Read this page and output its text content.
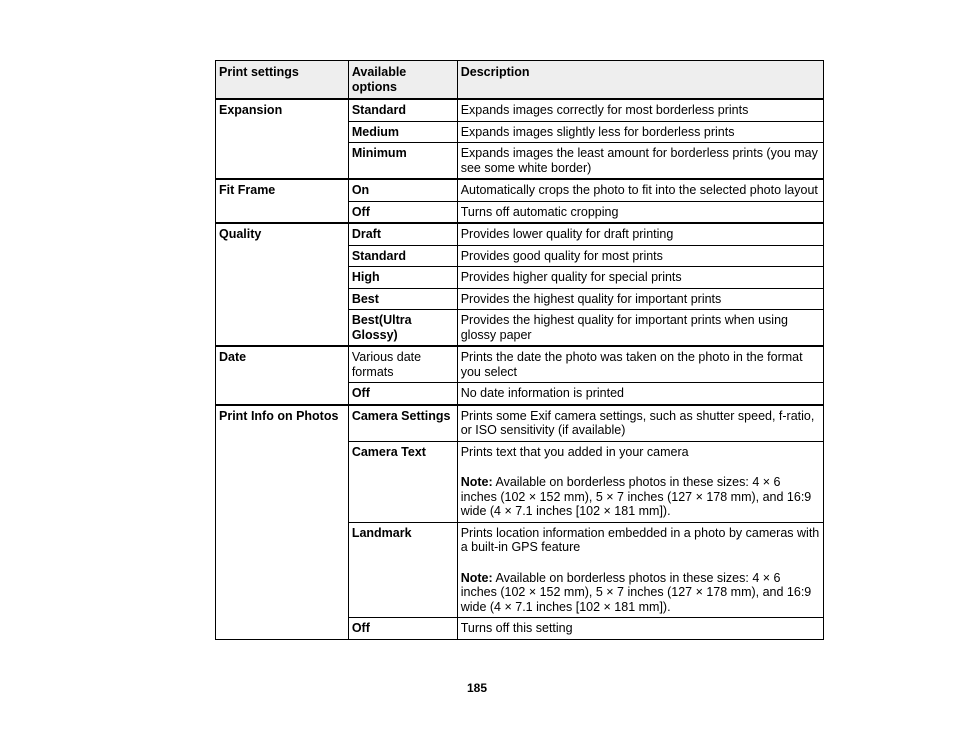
Print settings	Available options	Description
Expansion	Standard	Expands images correctly for most borderless prints
	Medium	Expands images slightly less for borderless prints
	Minimum	Expands images the least amount for borderless prints (you may see some white border)
Fit Frame	On	Automatically crops the photo to fit into the selected photo layout
	Off	Turns off automatic cropping
Quality	Draft	Provides lower quality for draft printing
	Standard	Provides good quality for most prints
	High	Provides higher quality for special prints
	Best	Provides the highest quality for important prints
	Best(Ultra Glossy)	Provides the highest quality for important prints when using glossy paper
Date	Various date formats	Prints the date the photo was taken on the photo in the format you select
	Off	No date information is printed
Print Info on Photos	Camera Settings	Prints some Exif camera settings, such as shutter speed, f-ratio, or ISO sensitivity (if available)
	Camera Text	Prints text that you added in your camera
Note: Available on borderless photos in these sizes: 4 × 6 inches (102 × 152 mm), 5 × 7 inches (127 × 178 mm), and 16:9 wide (4 × 7.1 inches [102 × 181 mm]).

	Landmark	Prints location information embedded in a photo by cameras with a built-in GPS feature
Note: Available on borderless photos in these sizes: 4 × 6 inches (102 × 152 mm), 5 × 7 inches (127 × 178 mm), and 16:9 wide (4 × 7.1 inches [102 × 181 mm]).

	Off	Turns off this setting
185
